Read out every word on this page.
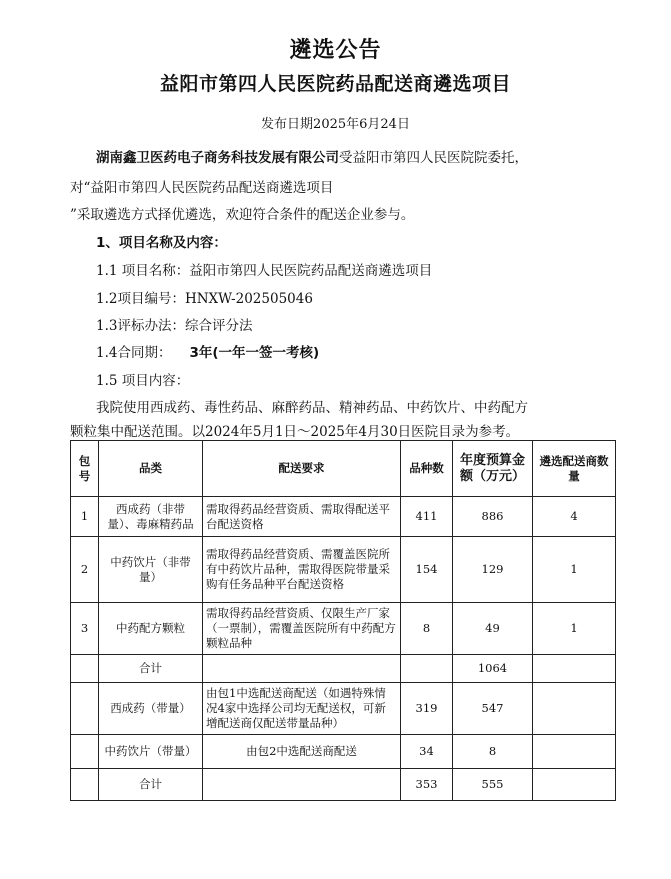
遴选公告
益阳市第四人民医院药品配送商遴选项目
发布日期2025年6月24日
湖南鑫卫医药电子商务科技发展有限公司受益阳市第四人民医院院委托，
对“益阳市第四人民医院药品配送商遴选项目
”采取遴选方式择优遴选，欢迎符合条件的配送企业参与。
1、项目名称及内容：
1.1 项目名称：益阳市第四人民医院药品配送商遴选项目
1.2项目编号：HNXW-202505046
1.3评标办法：综合评分法
1.4合同期： 3年(一年一签一考核)
1.5 项目内容：
我院使用西成药、毒性药品、麻醉药品、精神药品、中药饮片、中药配方
颗粒集中配送范围。以2024年5月1日～2025年4月30日医院目录为参考。
包号	品类	配送要求	品种数	年度预算金额（万元）	遴选配送商数量
1	西成药（非带量）、毒麻精药品	需取得药品经营资质、需取得配送平台配送资格	411	886	4
2	中药饮片（非带量）	需取得药品经营资质、需覆盖医院所有中药饮片品种，需取得医院带量采购有任务品种平台配送资格	154	129	1
3	中药配方颗粒	需取得药品经营资质、仅限生产厂家（一票制），需覆盖医院所有中药配方颗粒品种	8	49	1
	合计			1064	
	西成药（带量）	由包1中选配送商配送（如遇特殊情况4家中选择公司均无配送权，可新增配送商仅配送带量品种）	319	547	
	中药饮片（带量）	由包2中选配送商配送	34	8	
	合计		353	555	
